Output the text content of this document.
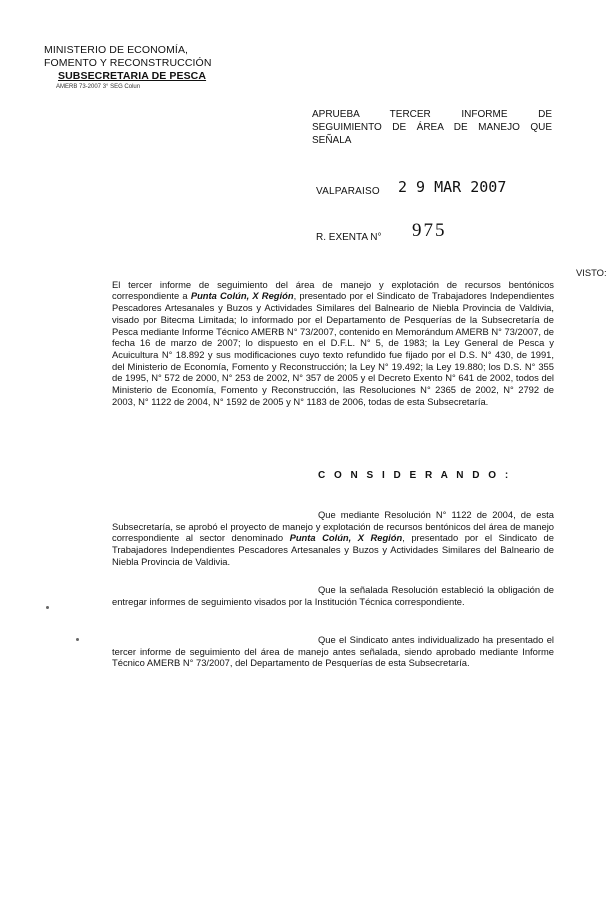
MINISTERIO DE ECONOMÍA,
FOMENTO Y RECONSTRUCCIÓN
SUBSECRETARIA DE PESCA
AMERB 73-2007 3° SEG Colun
APRUEBA TERCER INFORME DE SEGUIMIENTO DE ÁREA DE MANEJO QUE SEÑALA
VALPARAISO 2 9 MAR 2007
R. EXENTA N° 975
VISTO: El tercer informe de seguimiento del área de manejo y explotación de recursos bentónicos correspondiente a Punta Colún, X Región, presentado por el Sindicato de Trabajadores Independientes Pescadores Artesanales y Buzos y Actividades Similares del Balneario de Niebla Provincia de Valdivia, visado por Bitecma Limitada; lo informado por el Departamento de Pesquerías de la Subsecretaría de Pesca mediante Informe Técnico AMERB N° 73/2007, contenido en Memorándum AMERB N° 73/2007, de fecha 16 de marzo de 2007; lo dispuesto en el D.F.L. N° 5, de 1983; la Ley General de Pesca y Acuicultura N° 18.892 y sus modificaciones cuyo texto refundido fue fijado por el D.S. N° 430, de 1991, del Ministerio de Economía, Fomento y Reconstrucción; la Ley N° 19.492; la Ley 19.880; los D.S. N° 355 de 1995, N° 572 de 2000, N° 253 de 2002, N° 357 de 2005 y el Decreto Exento N° 641 de 2002, todos del Ministerio de Economía, Fomento y Reconstrucción, las Resoluciones N° 2365 de 2002, N° 2792 de 2003, N° 1122 de 2004, N° 1592 de 2005 y N° 1183 de 2006, todas de esta Subsecretaría.
C O N S I D E R A N D O :
Que mediante Resolución N° 1122 de 2004, de esta Subsecretaría, se aprobó el proyecto de manejo y explotación de recursos bentónicos del área de manejo correspondiente al sector denominado Punta Colún, X Región, presentado por el Sindicato de Trabajadores Independientes Pescadores Artesanales y Buzos y Actividades Similares del Balneario de Niebla Provincia de Valdivia.
Que la señalada Resolución estableció la obligación de entregar informes de seguimiento visados por la Institución Técnica correspondiente.
Que el Sindicato antes individualizado ha presentado el tercer informe de seguimiento del área de manejo antes señalada, siendo aprobado mediante Informe Técnico AMERB N° 73/2007, del Departamento de Pesquerías de esta Subsecretaría.
